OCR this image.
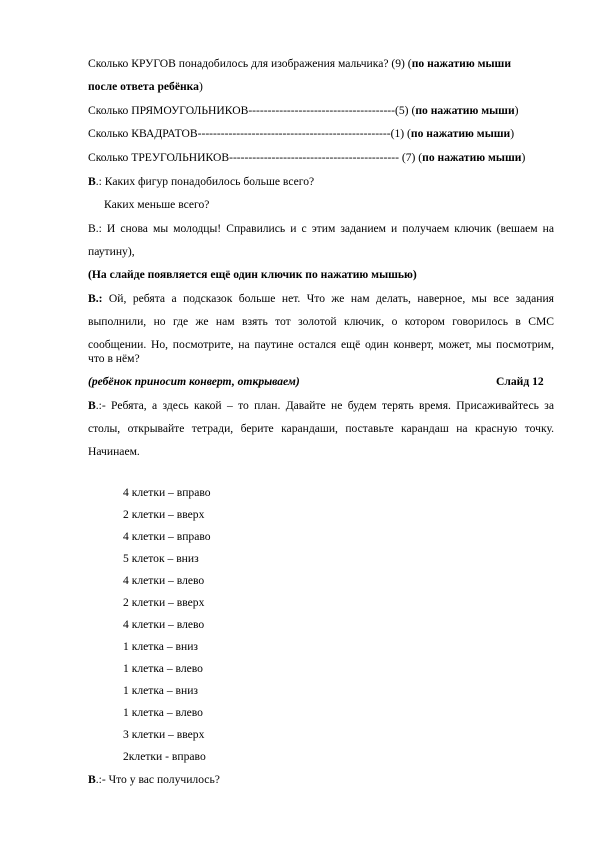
Сколько КРУГОВ понадобилось для изображения мальчика? (9) (по нажатию мыши
после ответа ребёнка)
Сколько ПРЯМОУГОЛЬНИКОВ--------------------------------------(5) (по нажатию мыши)
Сколько КВАДРАТОВ--------------------------------------------------(1) (по нажатию мыши)
Сколько ТРЕУГОЛЬНИКОВ-------------------------------------------- (7) (по нажатию мыши)
В.: Каких фигур понадобилось больше всего?
Каких меньше всего?
В.: И снова мы молодцы! Справились и с этим заданием и получаем ключик (вешаем на
паутину),
(На слайде появляется ещё один ключик по нажатию мышью)
В.: Ой, ребята а подсказок больше нет. Что же нам делать, наверное, мы все задания
выполнили, но где же нам взять тот золотой ключик, о котором говорилось в СМС
сообщении. Но, посмотрите, на паутине остался ещё один конверт, может, мы посмотрим,
что в нём?
(ребёнок приносит конверт, открываем)	Слайд 12
В.:- Ребята, а здесь какой – то план. Давайте не будем терять время. Присаживайтесь за
столы, открывайте тетради, берите карандаши, поставьте карандаш на красную точку.
Начинаем.
4 клетки – вправо
2 клетки – вверх
4 клетки – вправо
5 клеток – вниз
4 клетки – влево
2 клетки – вверх
4 клетки – влево
1 клетка – вниз
1 клетка – влево
1 клетка – вниз
1 клетка – влево
3 клетки – вверх
2клетки - вправо
В.:- Что у вас получилось?
